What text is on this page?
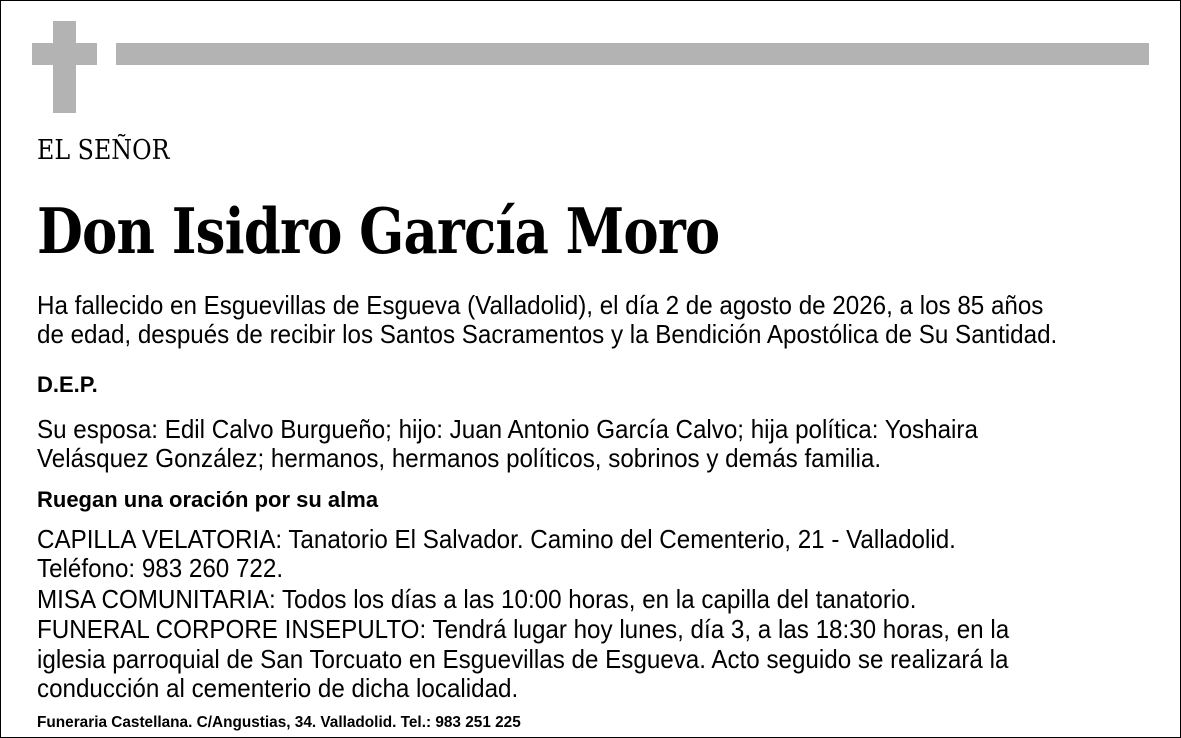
EL SEÑOR
Don Isidro García Moro
Ha fallecido en Esguevillas de Esgueva (Valladolid), el día 2 de agosto de 2026, a los 85 años
de edad, después de recibir los Santos Sacramentos y la Bendición Apostólica de Su Santidad.
D.E.P.
Su esposa: Edil Calvo Burgueño; hijo: Juan Antonio García Calvo; hija política: Yoshaira
Velásquez González; hermanos, hermanos políticos, sobrinos y demás familia.
Ruegan una oración por su alma
CAPILLA VELATORIA: Tanatorio El Salvador. Camino del Cementerio, 21 - Valladolid.
Teléfono: 983 260 722.
MISA COMUNITARIA: Todos los días a las 10:00 horas, en la capilla del tanatorio.
FUNERAL CORPORE INSEPULTO: Tendrá lugar hoy lunes, día 3, a las 18:30 horas, en la
iglesia parroquial de San Torcuato en Esguevillas de Esgueva. Acto seguido se realizará la
conducción al cementerio de dicha localidad.
Funeraria Castellana. C/Angustias, 34. Valladolid. Tel.: 983 251 225
